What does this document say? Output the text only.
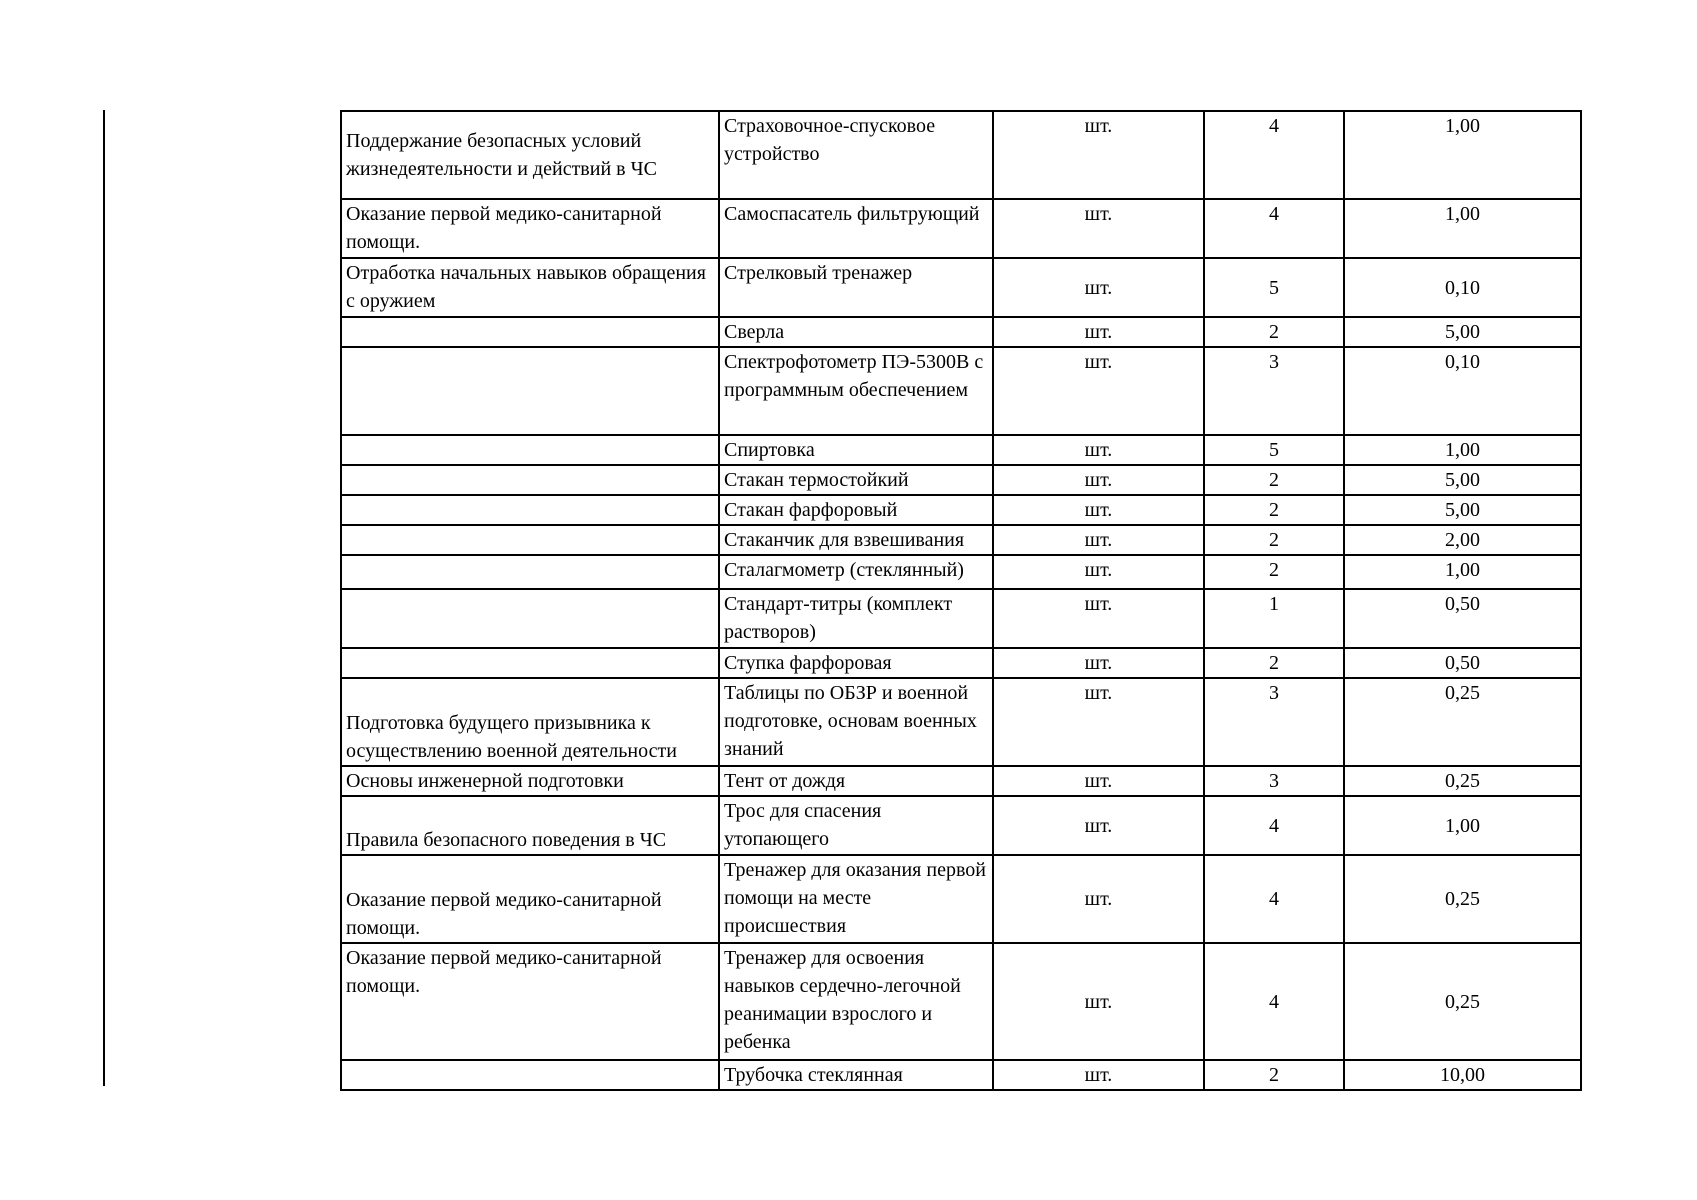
Поддержание безопасных условий жизнедеятельности и действий в ЧС	Страховочное-спусковое устройство	шт.	4	1,00
Оказание первой медико-санитарной помощи.	Самоспасатель фильтрующий	шт.	4	1,00
Отработка начальных навыков обращения с оружием	Стрелковый тренажер	шт.	5	0,10
	Сверла	шт.	2	5,00
	Спектрофотометр ПЭ-5300В с программным обеспечением	шт.	3	0,10
	Спиртовка	шт.	5	1,00
	Стакан термостойкий	шт.	2	5,00
	Стакан фарфоровый	шт.	2	5,00
	Стаканчик для взвешивания	шт.	2	2,00
	Сталагмометр (стеклянный)	шт.	2	1,00
	Стандарт-титры (комплект растворов)	шт.	1	0,50
	Ступка фарфоровая	шт.	2	0,50

Подготовка будущего призывника к осуществлению военной деятельности	Таблицы по ОБЗР и военной подготовке, основам военных знаний	шт.	3	0,25
Основы инженерной подготовки	Тент от дождя	шт.	3	0,25
Правила безопасного поведения в ЧС	Трос для спасения утопающего	шт.	4	1,00
Оказание первой медико-санитарной помощи.	Тренажер для оказания первой помощи на месте происшествия	шт.	4	0,25
Оказание первой медико-санитарной помощи.	Тренажер для освоения навыков сердечно-легочной реанимации взрослого и ребенка	шт.	4	0,25
	Трубочка стеклянная	шт.	2	10,00
